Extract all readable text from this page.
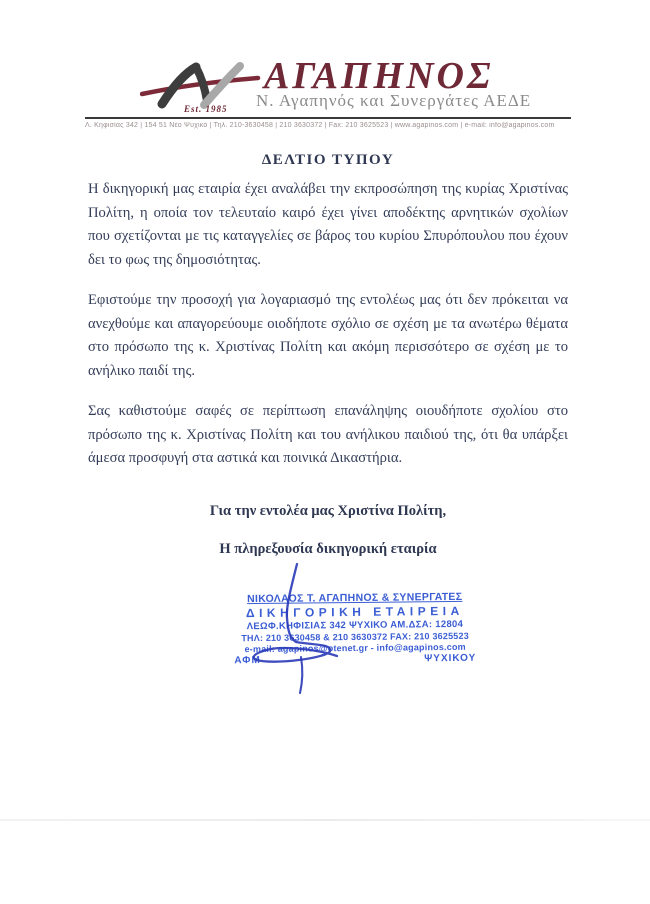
ΑΓΑΠΗΝΟΣ
Est. 1985 Ν. Αγαπηνός και Συνεργάτες ΑΕΔΕ
Λ. Κηφισίας 342 | 154 51 Νέο Ψυχικό | Τηλ. 210-3630458 | 210 3630372 | Fax: 210 3625523 | www.agapinos.com | e-mail: info@agapinos.com
ΔΕΛΤΙΟ ΤΥΠΟΥ

Η δικηγορική μας εταιρία έχει αναλάβει την εκπροσώπηση της κυρίας Χριστίνας Πολίτη, η οποία τον τελευταίο καιρό έχει γίνει αποδέκτης αρνητικών σχολίων που σχετίζονται με τις καταγγελίες σε βάρος του κυρίου Σπυρόπουλου που έχουν δει το φως της δημοσιότητας.

Εφιστούμε την προσοχή για λογαριασμό της εντολέως μας ότι δεν πρόκειται να ανεχθούμε και απαγορεύουμε οιοδήποτε σχόλιο σε σχέση με τα ανωτέρω θέματα στο πρόσωπο της κ. Χριστίνας Πολίτη και ακόμη περισσότερο σε σχέση με το ανήλικο παιδί της.

Σας καθιστούμε σαφές σε περίπτωση επανάληψης οιουδήποτε σχολίου στο πρόσωπο της κ. Χριστίνας Πολίτη και του ανήλικου παιδιού της, ότι θα υπάρξει άμεσα προσφυγή στα αστικά και ποινικά Δικαστήρια.

Για την εντολέα μας Χριστίνα Πολίτη,
Η πληρεξουσία δικηγορική εταιρία
ΝΙΚΟΛΑΟΣ Τ. ΑΓΑΠΗΝΟΣ & ΣΥΝΕΡΓΑΤΕΣ
ΔΙΚΗΓΟΡΙΚΗ ΕΤΑΙΡΕΙΑ
ΛΕΩΦ.ΚΗΦΙΣΙΑΣ 342 ΨΥΧΙΚΟ ΑΜ.ΔΣΑ: 12804
ΤΗΛ: 210 3630458 & 210 3630372 FAX: 210 3625523
e-mail: agapinos@otenet.gr - info@agapinos.com
ΑΦΜ	ΨΥΧΙΚΟΥ
